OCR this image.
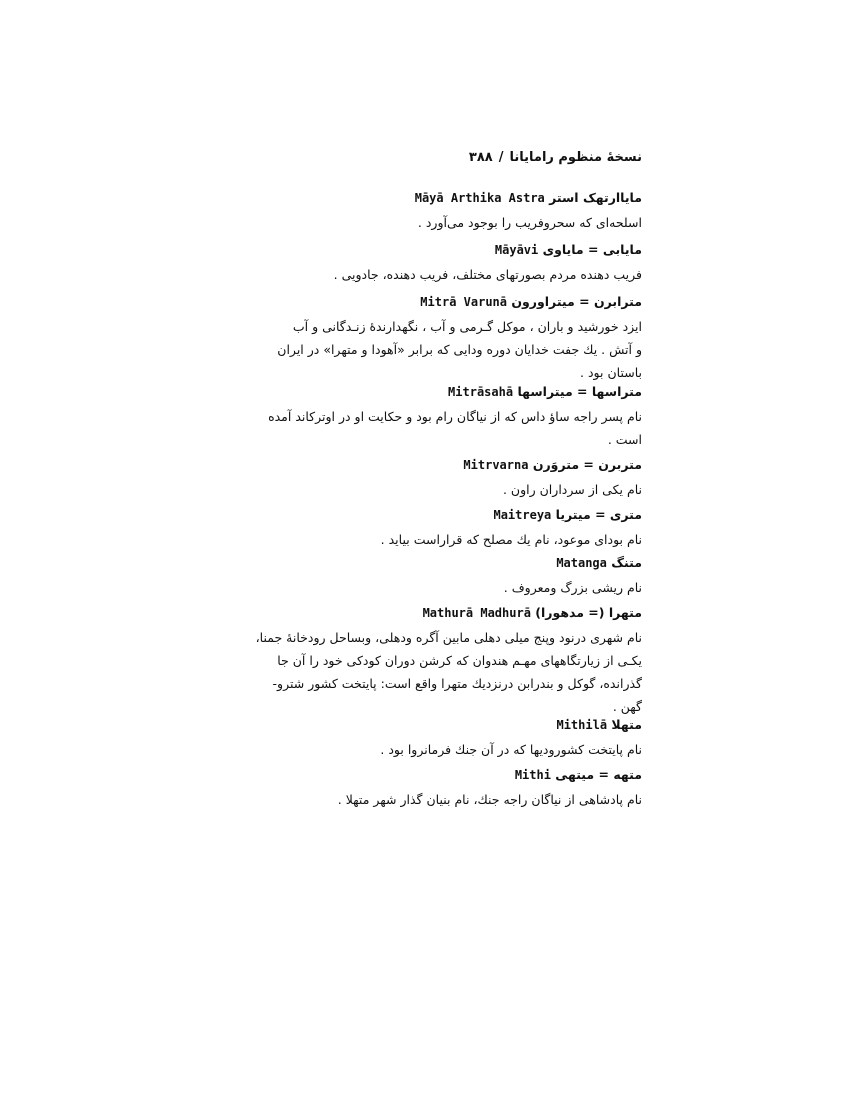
نسخهٔ منظوم رامایانا/۳۸۸
مایاارتهک استر Māyā Arthika Astra
اسلحه‌ای که سحروفریب را بوجود می‌آورد .
مایابی = مایاوی Māyāvi
فریب دهنده مردم بصورتهای مختلف، فریب دهنده، جادویی .
مترابرن = میتراورون Mitrā Varunā
ایزد خورشید و باران ، موکل گـرمی و آب ، نگهدارندهٔ زنـدگانی و آب
و آتش . یك جفت خدایان دوره ودایی که برابر «آهودا و متهرا» در ایران
باستان بود .
متراسها = میتراسها Mitrāsahā
نام پسر راجه ساؤ داس که از نیاگان رام بود و حکایت او در اوترکاند آمده
است .
متربرن = متروَرن Mitrvarna
نام یکی از سرداران راون .
متری = میتریا Maitreya
نام بودای موعود، نام یك مصلح که قراراست بیاید .
متنگ Matanga
نام ریشی بزرگ ومعروف .
متهرا (= مدهورا) Mathurā Madhurā
نام شهری درنود وپنج میلی دهلی مابین آگره ودهلی، وبساحل رودخانهٔ جمنا،
یکـی از زیارتگاههای مهـم هندوان که کرشن دوران کودکی خود را آن جا
گذرانده، گوکل و بندرابن درنزدیك متهرا واقع است: پایتخت کشور شترو-
گهن .
متهلا Mithilā
نام پایتخت کشورودیها که در آن جنك فرمانروا بود .
متهه = میتهی Mithi
نام پادشاهی از نیاگان راجه جنك، نام بنیان گذار شهر متهلا .
